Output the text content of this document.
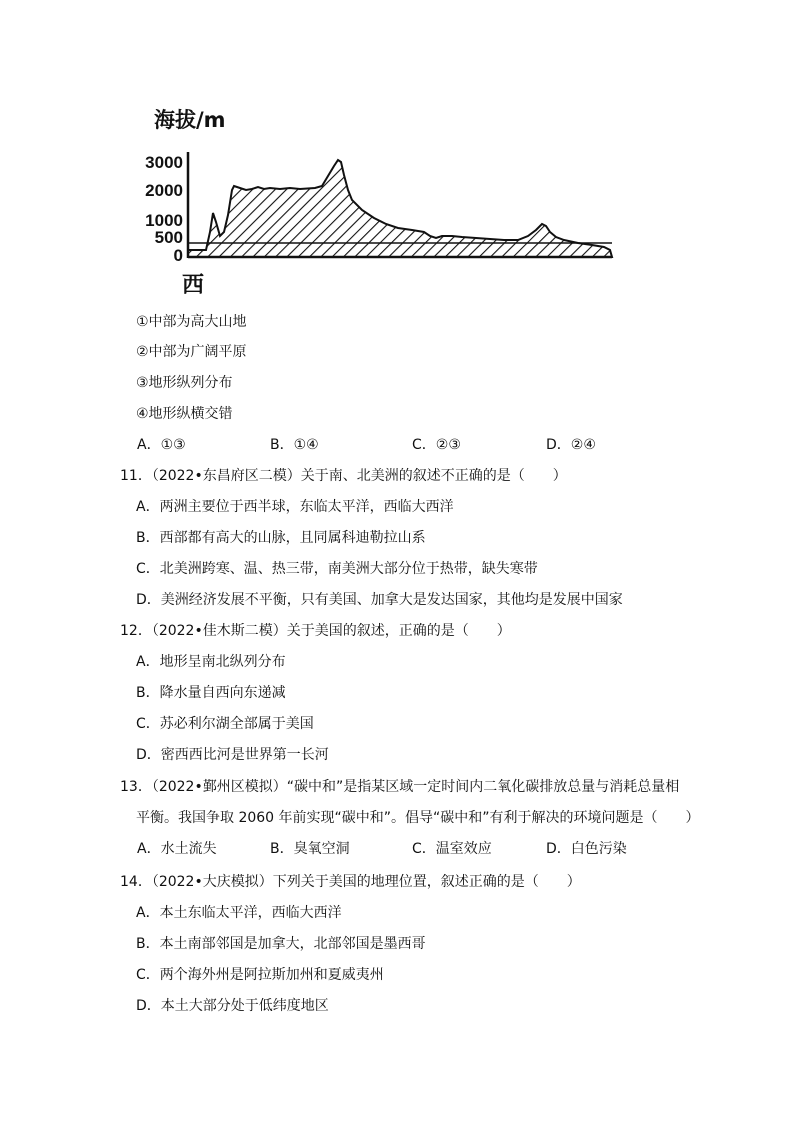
海拔/m
3000
2000
1000
500
0
西
①中部为高大山地
②中部为广阔平原
③地形纵列分布
④地形纵横交错
A．①③	B．①④	C．②③	D．②④
11．（2022•东昌府区二模）关于南、北美洲的叙述不正确的是（　　）
A．两洲主要位于西半球，东临太平洋，西临大西洋
B．西部都有高大的山脉，且同属科迪勒拉山系
C．北美洲跨寒、温、热三带，南美洲大部分位于热带，缺失寒带
D．美洲经济发展不平衡，只有美国、加拿大是发达国家，其他均是发展中国家
12．（2022•佳木斯二模）关于美国的叙述，正确的是（　　）
A．地形呈南北纵列分布
B．降水量自西向东递减
C．苏必利尔湖全部属于美国
D．密西西比河是世界第一长河
13．（2022•鄞州区模拟）“碳中和”是指某区域一定时间内二氧化碳排放总量与消耗总量相
平衡。我国争取 2060 年前实现“碳中和”。倡导“碳中和”有利于解决的环境问题是（　　）
A．水土流失	B．臭氧空洞	C．温室效应	D．白色污染
14．（2022•大庆模拟）下列关于美国的地理位置，叙述正确的是（　　）
A．本土东临太平洋，西临大西洋
B．本土南部邻国是加拿大，北部邻国是墨西哥
C．两个海外州是阿拉斯加州和夏威夷州
D．本土大部分处于低纬度地区
